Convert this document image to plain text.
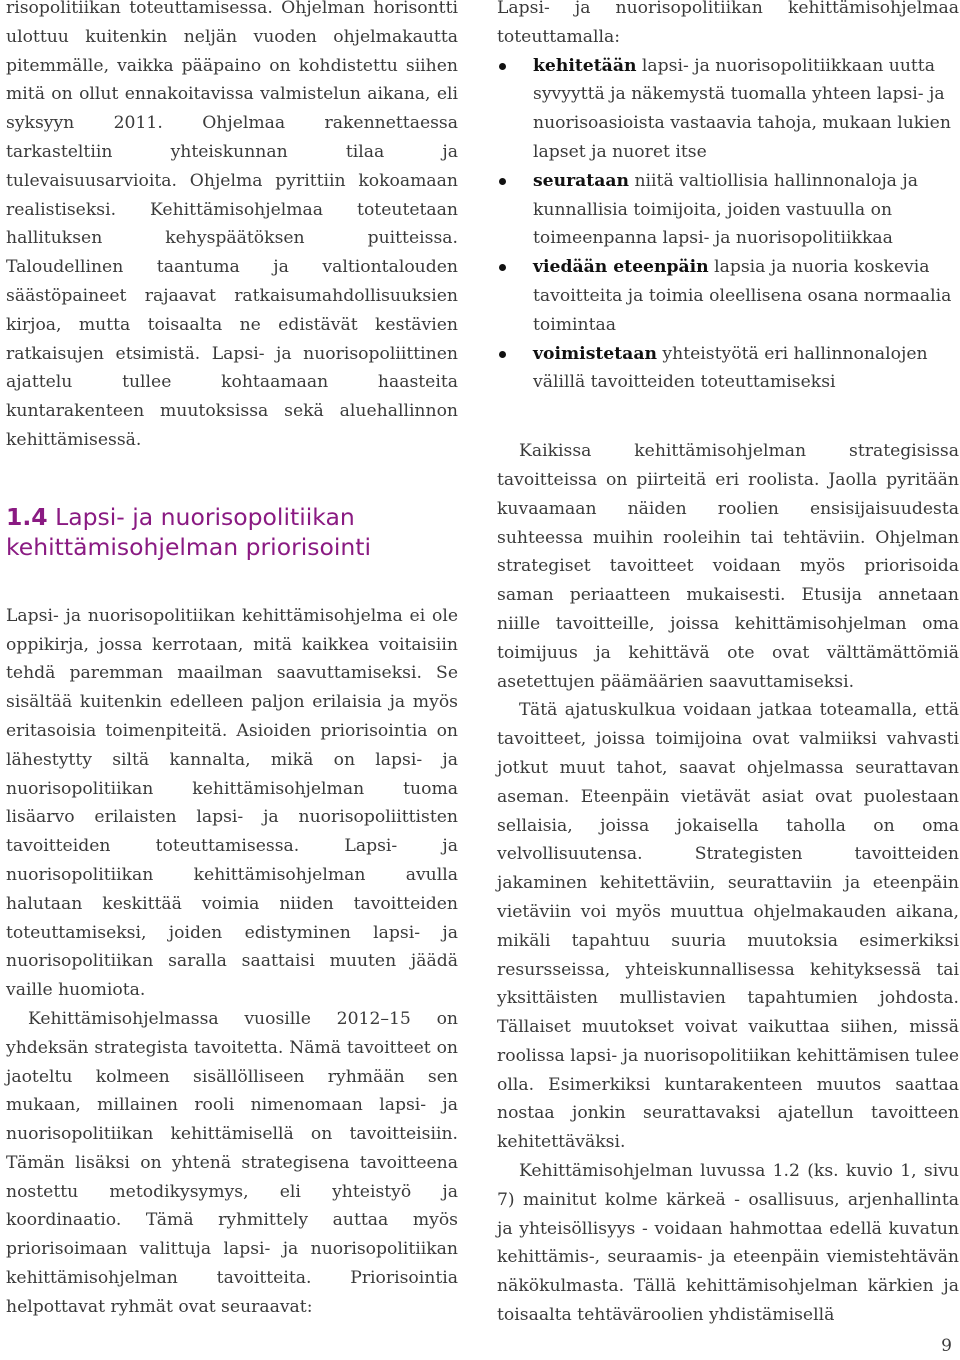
risopolitiikan toteuttamisessa. Ohjelman horisontti ulottuu kuitenkin neljän vuoden ohjelmakautta pitemmälle, vaikka pääpaino on kohdistettu siihen mitä on ollut ennakoitavissa valmistelun aikana, eli syksyyn 2011. Ohjelmaa rakennettaessa tarkasteltiin yhteiskunnan tilaa ja tulevaisuusarvioita. Ohjelma pyrittiin kokoamaan realistiseksi. Kehittämisohjelmaa toteutetaan hallituksen kehyspäätöksen puitteissa. Taloudellinen taantuma ja valtiontalouden säästöpaineet rajaavat ratkaisumahdollisuuksien kirjoa, mutta toisaalta ne edistävät kestävien ratkaisujen etsimistä. Lapsi- ja nuorisopoliittinen ajattelu tullee kohtaamaan haasteita kuntarakenteen muutoksissa sekä aluehallinnon kehittämisessä.

1.4 Lapsi- ja nuorisopolitiikan kehittämisohjelman priorisointi

Lapsi- ja nuorisopolitiikan kehittämisohjelma ei ole oppikirja, jossa kerrotaan, mitä kaikkea voitaisiin tehdä paremman maailman saavuttamiseksi. Se sisältää kuitenkin edelleen paljon erilaisia ja myös eritasoisia toimenpiteitä. Asioiden priorisointia on lähestytty siltä kannalta, mikä on lapsi- ja nuorisopolitiikan kehittämisohjelman tuoma lisäarvo erilaisten lapsi- ja nuorisopoliittisten tavoitteiden toteuttamisessa. Lapsi- ja nuorisopolitiikan kehittämisohjelman avulla halutaan keskittää voimia niiden tavoitteiden toteuttamiseksi, joiden edistyminen lapsi- ja nuorisopolitiikan saralla saattaisi muuten jäädä vaille huomiota.

Kehittämisohjelmassa vuosille 2012–15 on yhdeksän strategista tavoitetta. Nämä tavoitteet on jaoteltu kolmeen sisällölliseen ryhmään sen mukaan, millainen rooli nimenomaan lapsi- ja nuorisopolitiikan kehittämisellä on tavoitteisiin. Tämän lisäksi on yhtenä strategisena tavoitteena nostettu metodikysymys, eli yhteistyö ja koordinaatio. Tämä ryhmittely auttaa myös priorisoimaan valittuja lapsi- ja nuorisopolitiikan kehittämisohjelman tavoitteita. Priorisointia helpottavat ryhmät ovat seuraavat:

Lapsi- ja nuorisopolitiikan kehittämisohjelmaa toteuttamalla:

kehitetään lapsi- ja nuorisopolitiikkaan uutta syvyyttä ja näkemystä tuomalla yhteen lapsi- ja nuorisoasioista vastaavia tahoja, mukaan lukien lapset ja nuoret itse
seurataan niitä valtiollisia hallinnonaloja ja kunnallisia toimijoita, joiden vastuulla on toimeenpanna lapsi- ja nuorisopolitiikkaa
viedään eteenpäin lapsia ja nuoria koskevia tavoitteita ja toimia oleellisena osana normaalia toimintaa
voimistetaan yhteistyötä eri hallinnonalojen välillä tavoitteiden toteuttamiseksi

Kaikissa kehittämisohjelman strategisissa tavoitteissa on piirteitä eri roolista. Jaolla pyritään kuvaamaan näiden roolien ensisijaisuudesta suhteessa muihin rooleihin tai tehtäviin. Ohjelman strategiset tavoitteet voidaan myös priorisoida saman periaatteen mukaisesti. Etusija annetaan niille tavoitteille, joissa kehittämisohjelman oma toimijuus ja kehittävä ote ovat välttämättömiä asetettujen päämäärien saavuttamiseksi.

Tätä ajatuskulkua voidaan jatkaa toteamalla, että tavoitteet, joissa toimijoina ovat valmiiksi vahvasti jotkut muut tahot, saavat ohjelmassa seurattavan aseman. Eteenpäin vietävät asiat ovat puolestaan sellaisia, joissa jokaisella taholla on oma velvollisuutensa. Strategisten tavoitteiden jakaminen kehitettäviin, seurattaviin ja eteenpäin vietäviin voi myös muuttua ohjelmakauden aikana, mikäli tapahtuu suuria muutoksia esimerkiksi resursseissa, yhteiskunnallisessa kehityksessä tai yksittäisten mullistavien tapahtumien johdosta. Tällaiset muutokset voivat vaikuttaa siihen, missä roolissa lapsi- ja nuorisopolitiikan kehittämisen tulee olla. Esimerkiksi kuntarakenteen muutos saattaa nostaa jonkin seurattavaksi ajatellun tavoitteen kehitettäväksi.

Kehittämisohjelman luvussa 1.2 (ks. kuvio 1, sivu 7) mainitut kolme kärkeä - osallisuus, arjenhallinta ja yhteisöllisyys - voidaan hahmottaa edellä kuvatun kehittämis-, seuraamis- ja eteenpäin viemistehtävän näkökulmasta. Tällä kehittämisohjelman kärkien ja toisaalta tehtäväroolien yhdistämisellä

9
